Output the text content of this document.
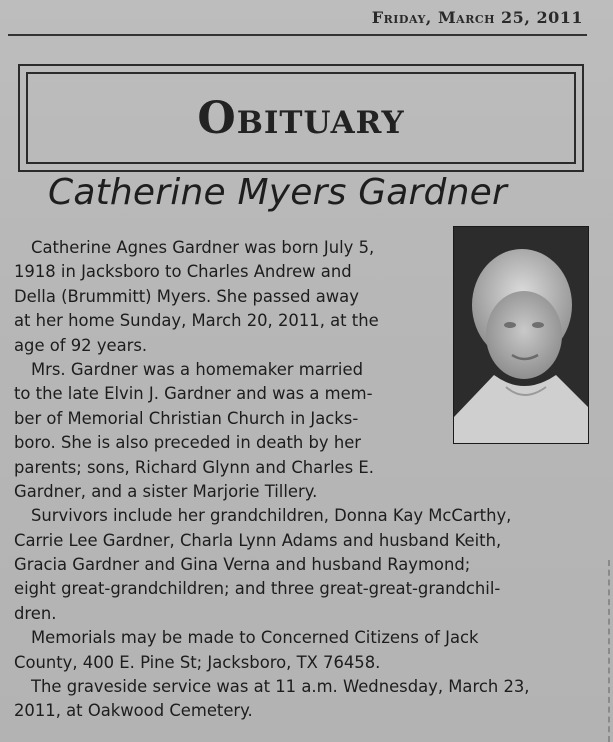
Friday, March 25, 2011
Obituary
Catherine Myers Gardner
Catherine Agnes Gardner was born July 5,
1918 in Jacksboro to Charles Andrew and
Della (Brummitt) Myers. She passed away
at her home Sunday, March 20, 2011, at the
age of 92 years.
Mrs. Gardner was a homemaker married
to the late Elvin J. Gardner and was a mem-
ber of Memorial Christian Church in Jacks-
boro. She is also preceded in death by her
parents; sons, Richard Glynn and Charles E.
Gardner, and a sister Marjorie Tillery.
Survivors include her grandchildren, Donna Kay McCarthy,
Carrie Lee Gardner, Charla Lynn Adams and husband Keith,
Gracia Gardner and Gina Verna and husband Raymond;
eight great-grandchildren; and three great-great-grandchil-
dren.
Memorials may be made to Concerned Citizens of Jack
County, 400 E. Pine St; Jacksboro, TX 76458.
The graveside service was at 11 a.m. Wednesday, March 23,
2011, at Oakwood Cemetery.
